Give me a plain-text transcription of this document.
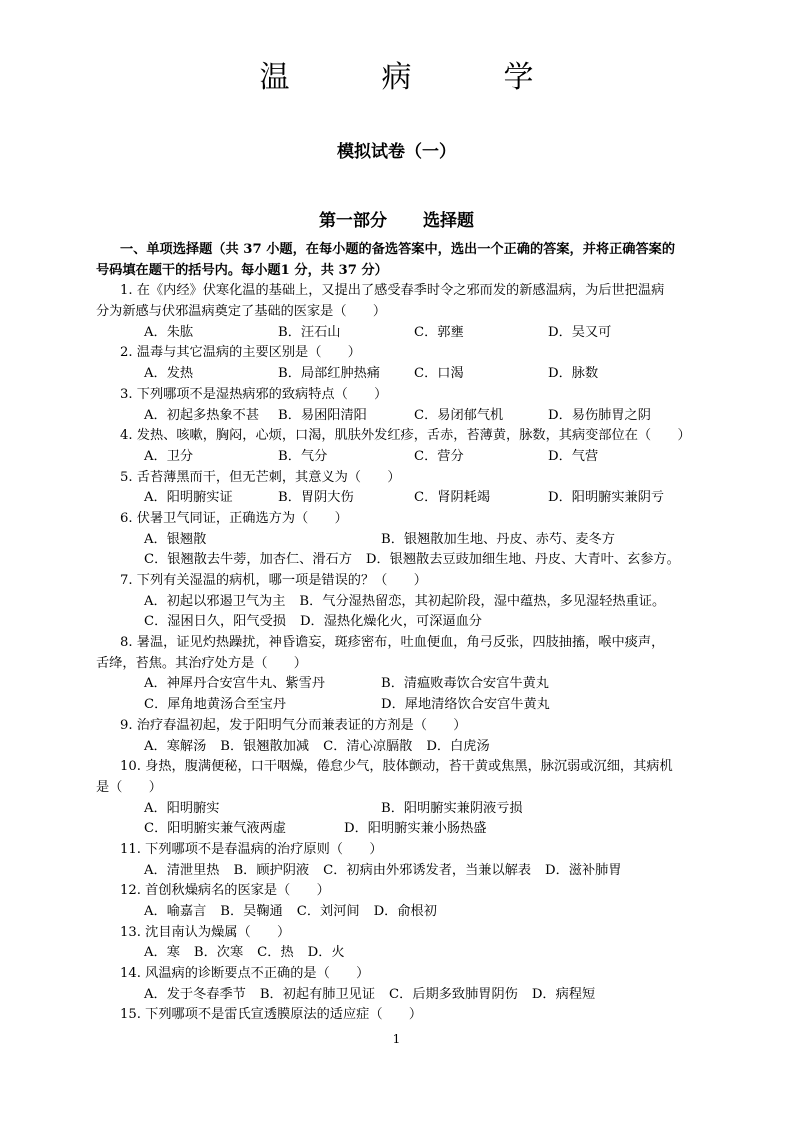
温	病	学
模拟试卷（一）
第一部分 选择题
一、单项选择题（共 37 小题，在每小题的备选答案中，选出一个正确的答案，并将正确答案的
号码填在题干的括号内。每小题1 分，共 37 分）
1. 在《内经》伏寒化温的基础上，又提出了感受春季时令之邪而发的新感温病，为后世把温病
分为新感与伏邪温病奠定了基础的医家是（　　）
A．朱肱	B．汪石山	C．郭壅	D．吴又可
2. 温毒与其它温病的主要区别是（　　）
A．发热	B．局部红肿热痛	C．口渴	D．脉数
3. 下列哪项不是湿热病邪的致病特点（　　）
A．初起多热象不甚 B．易困阳清阳	C．易闭郁气机	D．易伤肺胃之阴
4. 发热、咳嗽，胸闷，心烦，口渴，肌肤外发红疹，舌赤，苔薄黄，脉数，其病变部位在（　　）
A．卫分	B．气分	C．营分	D．气营
5. 舌苔薄黑而干，但无芒刺，其意义为（　　）
A．阳明腑实证	B．胃阴大伤	C．肾阴耗竭	D．阳明腑实兼阴亏
6. 伏暑卫气同证，正确选方为（　　）
A．银翘散	B．银翘散加生地、丹皮、赤芍、麦冬方
C．银翘散去牛蒡，加杏仁、滑石方 D．银翘散去豆豉加细生地、丹皮、大青叶、玄参方。
7. 下列有关湿温的病机，哪一项是错误的？（　　）
A．初起以邪遏卫气为主 B．气分湿热留恋，其初起阶段，湿中蕴热，多见湿轻热重证。
C．湿困日久，阳气受损 D．湿热化燥化火，可深逼血分
8. 暑温，证见灼热躁扰，神昏谵妄，斑疹密布，吐血便血，角弓反张，四肢抽搐，喉中痰声，
舌绛，苔焦。其治疗处方是（　　）
A．神犀丹合安宫牛丸、紫雪丹	B．清瘟败毒饮合安宫牛黄丸
C．犀角地黄汤合至宝丹	D．犀地清络饮合安宫牛黄丸
9. 治疗春温初起，发于阳明气分而兼表证的方剂是（　　）
A．寒解汤 B．银翘散加减 C．清心凉膈散 D．白虎汤
10. 身热，腹满便秘，口干咽燥，倦怠少气，肢体颤动，苔干黄或焦黑，脉沉弱或沉细，其病机
是（　　）
A．阳明腑实	B．阳明腑实兼阴液亏损
C．阳明腑实兼气液两虚	D．阳明腑实兼小肠热盛
11. 下列哪项不是春温病的治疗原则（　　）
A．清泄里热 B．顾护阴液 C．初病由外邪诱发者，当兼以解表 D．滋补肺胃
12. 首创秋燥病名的医家是（　　）
A．喻嘉言 B．吴鞠通 C．刘河间 D．俞根初
13. 沈目南认为燥属（　　）
A．寒 B．次寒 C．热 D．火
14. 风温病的诊断要点不正确的是（　　）
A．发于冬春季节 B．初起有肺卫见证 C．后期多致肺胃阴伤 D．病程短
15. 下列哪项不是雷氏宣透膜原法的适应症（　　）
1
